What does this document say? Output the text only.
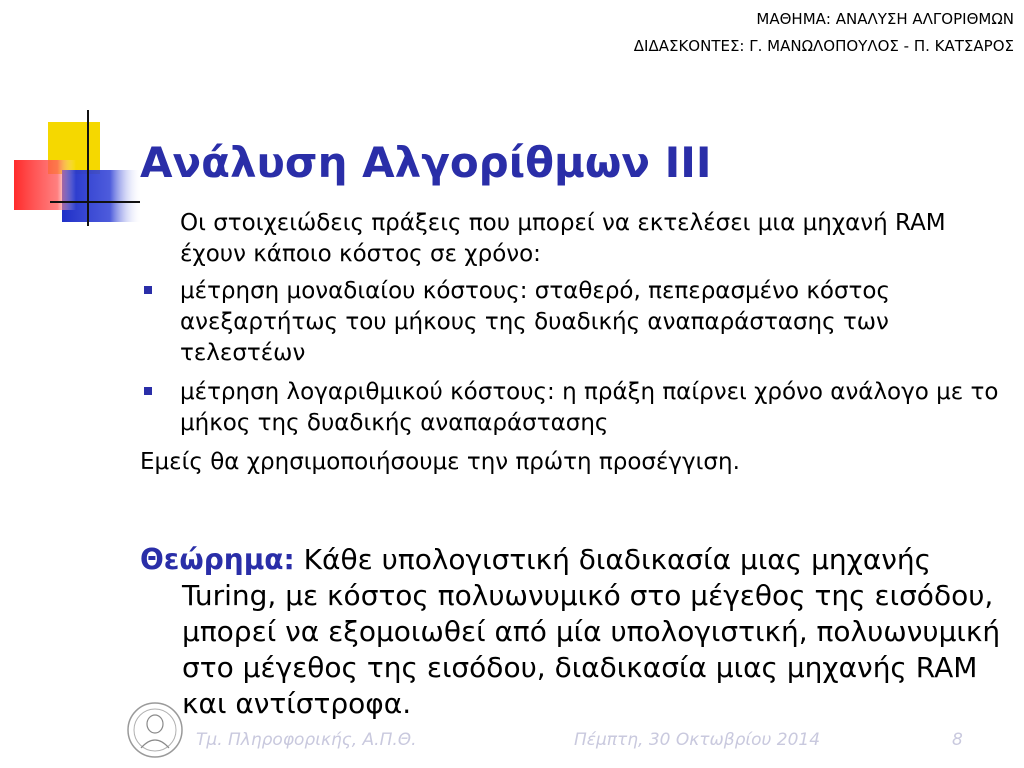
ΜΑΘΗΜΑ: ΑΝΑΛΥΣΗ ΑΛΓΟΡΙΘΜΩΝ
ΔΙΔΑΣΚΟΝΤΕΣ: Γ. ΜΑΝΩΛΟΠΟΥΛΟΣ - Π. ΚΑΤΣΑΡΟΣ
Ανάλυση Αλγορίθμων ΙΙΙ

Οι στοιχειώδεις πράξεις που μπορεί να εκτελέσει μια μηχανή RAM έχουν κάποιο κόστος σε χρόνο:

μέτρηση μοναδιαίου κόστους: σταθερό, πεπερασμένο κόστος ανεξαρτήτως του μήκους της δυαδικής αναπαράστασης των τελεστέων
μέτρηση λογαριθμικού κόστους: η πράξη παίρνει χρόνο ανάλογο με το μήκος της δυαδικής αναπαράστασης

Εμείς θα χρησιμοποιήσουμε την πρώτη προσέγγιση.

Θεώρημα: Κάθε υπολογιστική διαδικασία μιας μηχανής Turing, με κόστος πολυωνυμικό στο μέγεθος της εισόδου, μπορεί να εξομοιωθεί από μία υπολογιστική, πολυωνυμική στο μέγεθος της εισόδου, διαδικασία μιας μηχανής RAM και αντίστροφα.
Τμ. Πληροφορικής, Α.Π.Θ.	Πέμπτη, 30 Οκτωβρίου 2014	8
